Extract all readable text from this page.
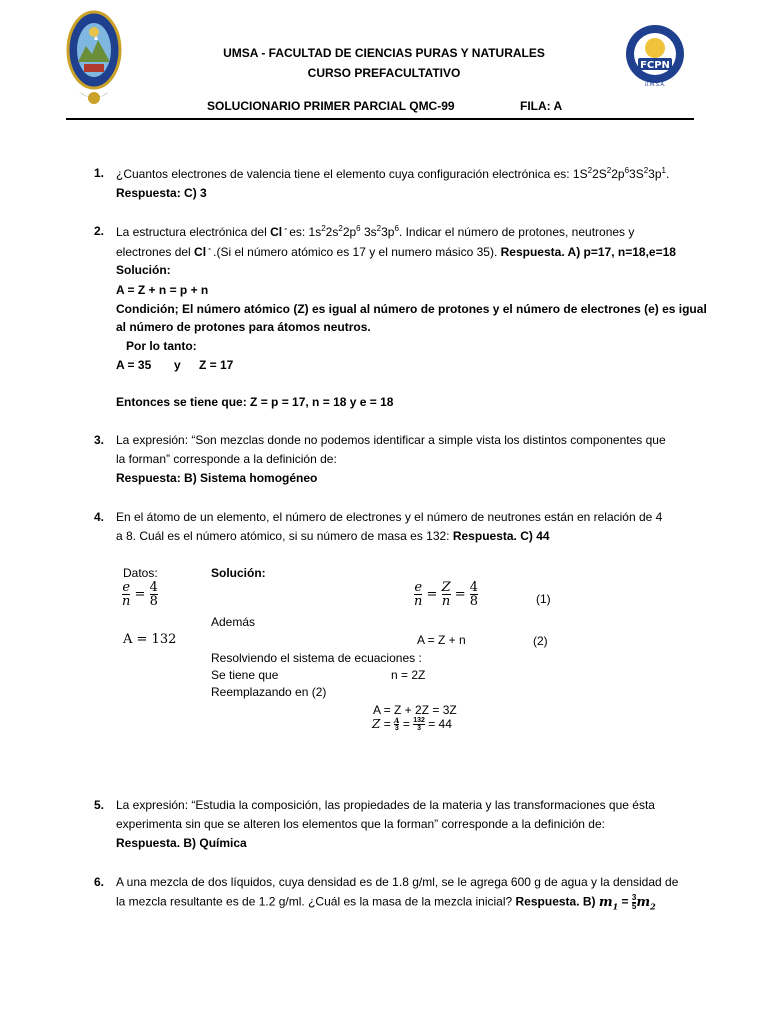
FCPN
U.M.S.A.
UMSA - FACULTAD DE CIENCIAS PURAS Y NATURALES
CURSO PREFACULTATIVO
SOLUCIONARIO PRIMER PARCIAL QMC-99	FILA: A
1. ¿Cuantos electrones de valencia tiene el elemento cuya configuración electrónica es: $1S^22S^22p^63S^23p^1$.
Respuesta: C) 3
2. La estructura electrónica del Cl - es: $1s^22s^22p^6$ $3s^23p^6$. Indicar el número de protones, neutrones y
electrones del Cl - .(Si el número atómico es 17 y el numero másico 35). Respuesta. A) p=17, n=18,e=18
Solución:
A = Z + n = p + n
Condición; El número atómico (Z) es igual al número de protones y el número de electrones (e) es igual
al número de protones para átomos neutros.
Por lo tanto:
A = 35 y Z = 17
Entonces se tiene que: Z = p = 17, n = 18 y e = 18
3. La expresión: “Son mezclas donde no podemos identificar a simple vista los distintos componentes que
la forman” corresponde a la definición de:
Respuesta: B) Sistema homogéneo
4. En el átomo de un elemento, el número de electrones y el número de neutrones están en relación de 4
a 8. Cuál es el número atómico, si su número de masa es 132: Respuesta. C) 44
Datos:	Solución:
$\frac{e}{n} = \frac{4}{8}$	$\frac{e}{n} = \frac{Z}{n} = \frac{4}{8}$	(1)
Además
A = 132	A = Z + n	(2)
Resolviendo el sistema de ecuaciones :
Se tiene que	n = 2Z
Reemplazando en (2)
A = Z + 2Z = 3Z
$Z = \frac{A}{3} = \frac{132}{3} = 44$
5. La expresión: “Estudia la composición, las propiedades de la materia y las transformaciones que ésta
experimenta sin que se alteren los elementos que la forman” corresponde a la definición de:
Respuesta. B) Química
6. A una mezcla de dos líquidos, cuya densidad es de 1.8 g/ml, se le agrega 600 g de agua y la densidad de
la mezcla resultante es de 1.2 g/ml. ¿Cuál es la masa de la mezcla inicial? Respuesta. B) $m_1 = \frac{3}{5} m_2$
